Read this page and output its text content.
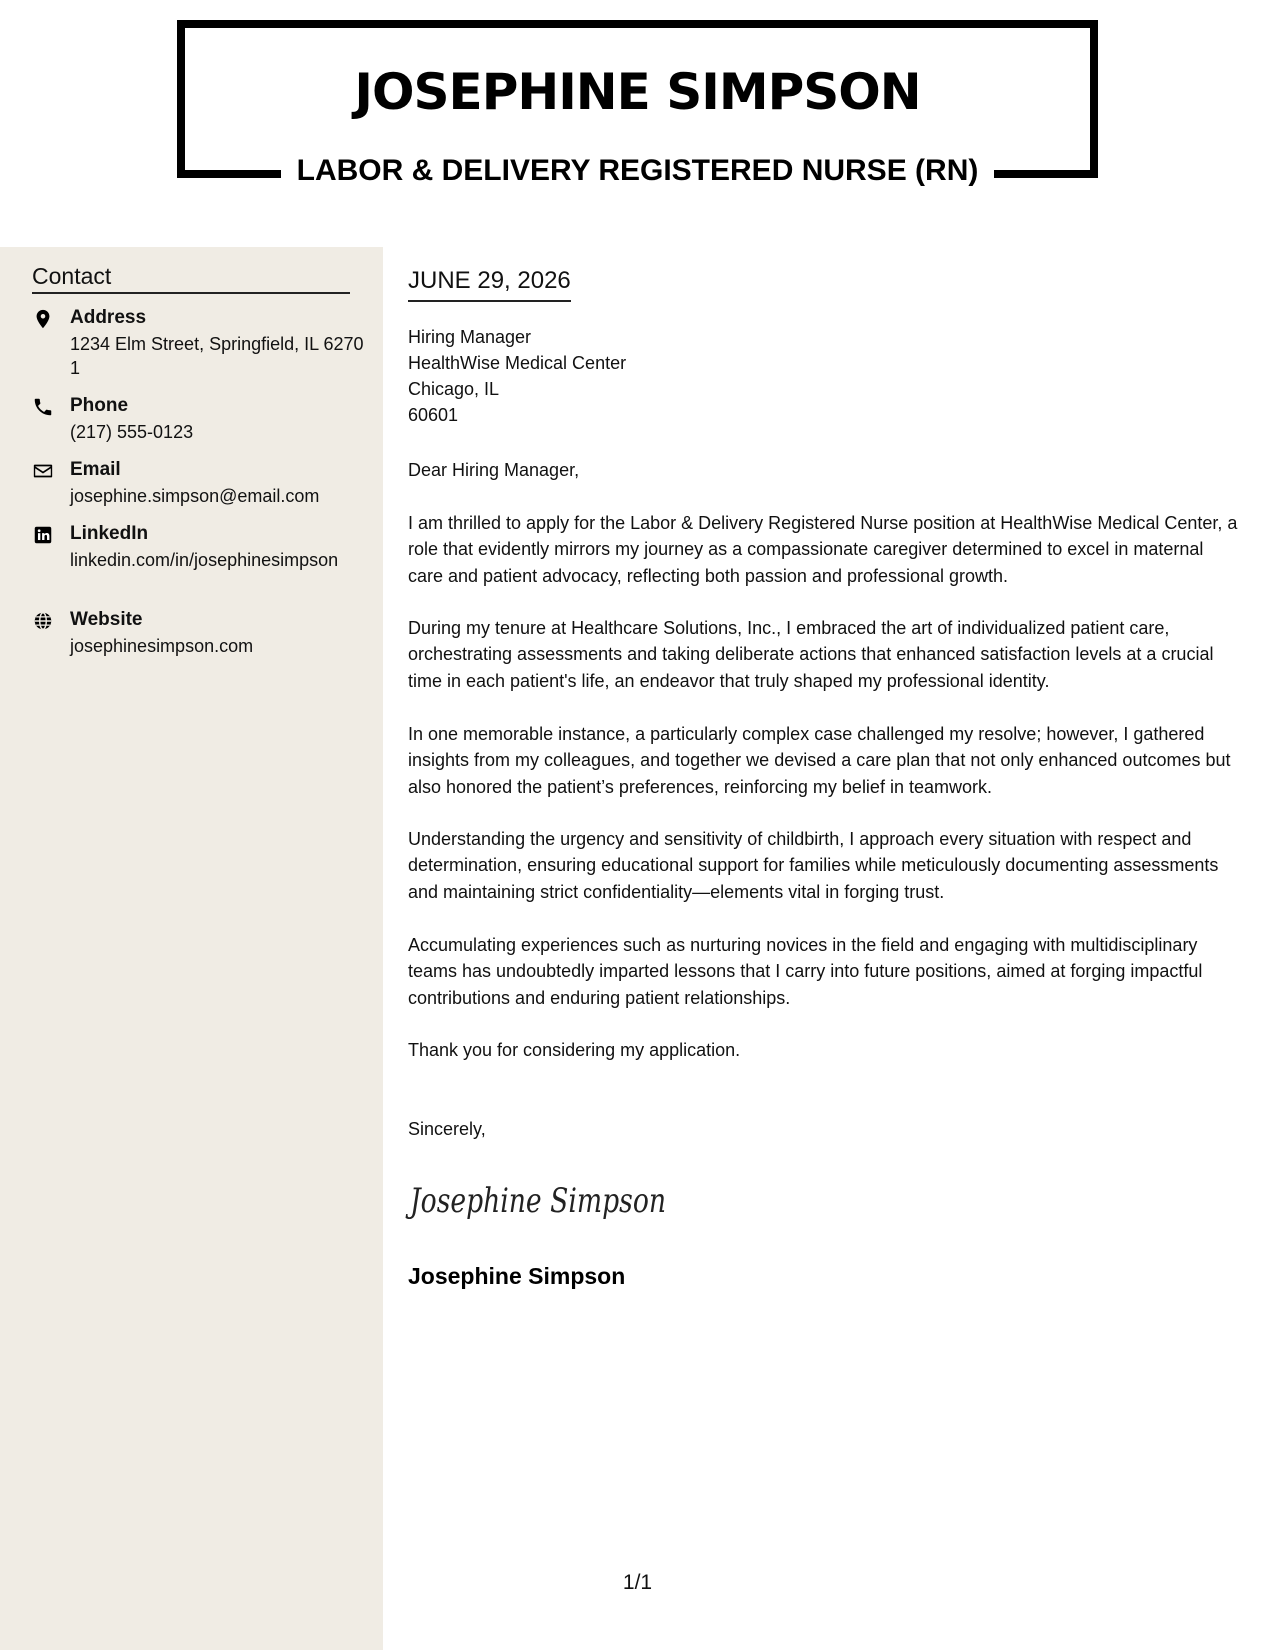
JOSEPHINE SIMPSON
LABOR & DELIVERY REGISTERED NURSE (RN)
Contact
Address
1234 Elm Street, Springfield, IL 62701
Phone
(217) 555-0123
Email
josephine.simpson@email.com
LinkedIn
linkedin.com/in/josephinesimpson
Website
josephinesimpson.com
JUNE 29, 2026
Hiring Manager
HealthWise Medical Center
Chicago, IL
60601

Dear Hiring Manager,

I am thrilled to apply for the Labor & Delivery Registered Nurse position at HealthWise Medical Center, a role that evidently mirrors my journey as a compassionate caregiver determined to excel in maternal care and patient advocacy, reflecting both passion and professional growth.

During my tenure at Healthcare Solutions, Inc., I embraced the art of individualized patient care, orchestrating assessments and taking deliberate actions that enhanced satisfaction levels at a crucial time in each patient's life, an endeavor that truly shaped my professional identity.

In one memorable instance, a particularly complex case challenged my resolve; however, I gathered insights from my colleagues, and together we devised a care plan that not only enhanced outcomes but also honored the patient’s preferences, reinforcing my belief in teamwork.

Understanding the urgency and sensitivity of childbirth, I approach every situation with respect and determination, ensuring educational support for families while meticulously documenting assessments and maintaining strict confidentiality—elements vital in forging trust.

Accumulating experiences such as nurturing novices in the field and engaging with multidisciplinary teams has undoubtedly imparted lessons that I carry into future positions, aimed at forging impactful contributions and enduring patient relationships.

Thank you for considering my application.

Sincerely,

Josephine Simpson
Josephine Simpson
1/1
